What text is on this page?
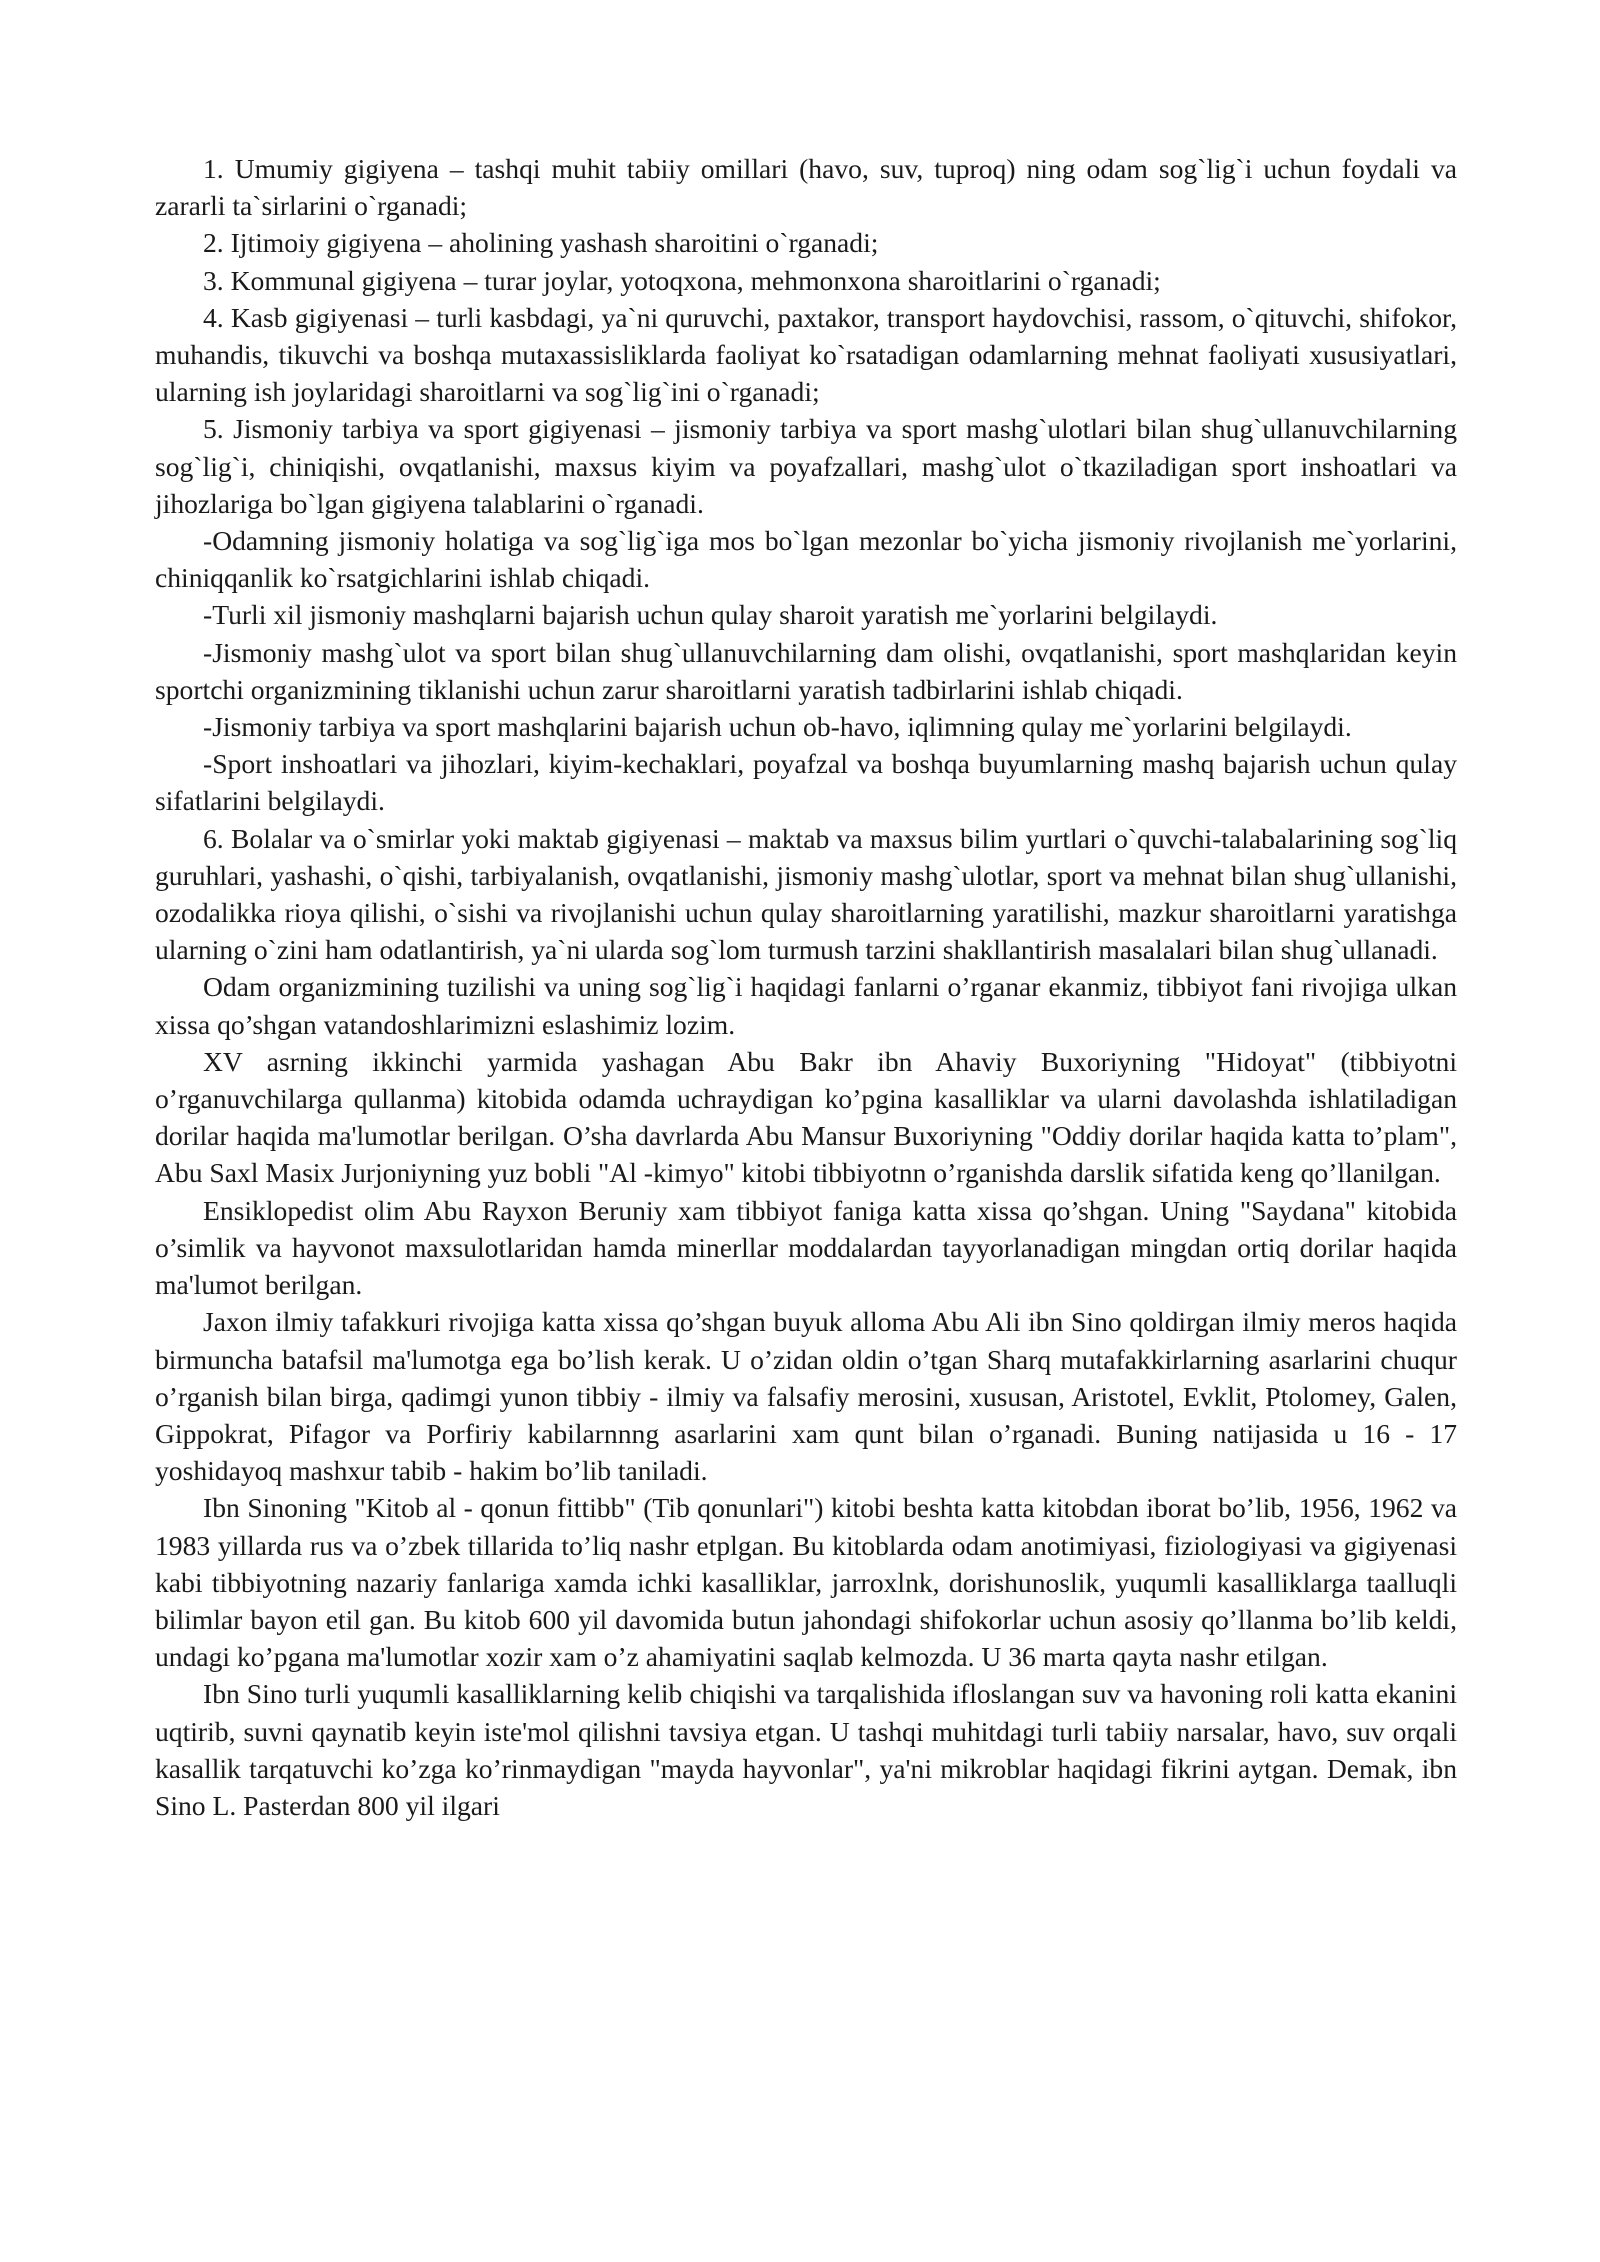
1. Umumiy gigiyena – tashqi muhit tabiiy omillari (havo, suv, tuproq) ning odam sog`lig`i uchun foydali va zararli ta`sirlarini o`rganadi;

2. Ijtimoiy gigiyena – aholining yashash sharoitini o`rganadi;

3. Kommunal gigiyena – turar joylar, yotoqxona, mehmonxona sharoitlarini o`rganadi;

4. Kasb gigiyenasi – turli kasbdagi, ya`ni quruvchi, paxtakor, transport haydovchisi, rassom, o`qituvchi, shifokor, muhandis, tikuvchi va boshqa mutaxassisliklarda faoliyat ko`rsatadigan odamlarning mehnat faoliyati xususiyatlari, ularning ish joylaridagi sharoitlarni va sog`lig`ini o`rganadi;

5. Jismoniy tarbiya va sport gigiyenasi – jismoniy tarbiya va sport mashg`ulotlari bilan shug`ullanuvchilarning sog`lig`i, chiniqishi, ovqatlanishi, maxsus kiyim va poyafzallari, mashg`ulot o`tkaziladigan sport inshoatlari va jihozlariga bo`lgan gigiyena talablarini o`rganadi.

-Odamning jismoniy holatiga va sog`lig`iga mos bo`lgan mezonlar bo`yicha jismoniy rivojlanish me`yorlarini, chiniqqanlik ko`rsatgichlarini ishlab chiqadi.

-Turli xil jismoniy mashqlarni bajarish uchun qulay sharoit yaratish me`yorlarini belgilaydi.

-Jismoniy mashg`ulot va sport bilan shug`ullanuvchilarning dam olishi, ovqatlanishi, sport mashqlaridan keyin sportchi organizmining tiklanishi uchun zarur sharoitlarni yaratish tadbirlarini ishlab chiqadi.

-Jismoniy tarbiya va sport mashqlarini bajarish uchun ob-havo, iqlimning qulay me`yorlarini belgilaydi.

-Sport inshoatlari va jihozlari, kiyim-kechaklari, poyafzal va boshqa buyumlarning mashq bajarish uchun qulay sifatlarini belgilaydi.

6. Bolalar va o`smirlar yoki maktab gigiyenasi – maktab va maxsus bilim yurtlari o`quvchi-talabalarining sog`liq guruhlari, yashashi, o`qishi, tarbiyalanish, ovqatlanishi, jismoniy mashg`ulotlar, sport va mehnat bilan shug`ullanishi, ozodalikka rioya qilishi, o`sishi va rivojlanishi uchun qulay sharoitlarning yaratilishi, mazkur sharoitlarni yaratishga ularning o`zini ham odatlantirish, ya`ni ularda sog`lom turmush tarzini shakllantirish masalalari bilan shug`ullanadi.

Odam organizmining tuzilishi va uning sog`lig`i haqidagi fanlarni o’rganar ekanmiz, tibbiyot fani rivojiga ulkan xissa qo’shgan vatandoshlarimizni eslashimiz lozim.

XV asrning ikkinchi yarmida yashagan Abu Bakr ibn Ahaviy Buxoriyning "Hidoyat" (tibbiyotni o’rganuvchilarga qullanma) kitobida odamda uchraydigan ko’pgina kasalliklar va ularni davolashda ishlatiladigan dorilar haqida ma'lumotlar berilgan. O’sha davrlarda Abu Mansur Buxoriyning "Oddiy dorilar haqida katta to’plam", Abu Saxl Masix Jurjoniyning yuz bobli "Al -kimyo" kitobi tibbiyotnn o’rganishda darslik sifatida keng qo’llanilgan.

Ensiklopedist olim Abu Rayxon Beruniy xam tibbiyot faniga katta xissa qo’shgan. Uning "Saydana" kitobida o’simlik va hayvonot maxsulotlaridan hamda minerllar moddalardan tayyorlanadigan mingdan ortiq dorilar haqida ma'lumot berilgan.

Jaxon ilmiy tafakkuri rivojiga katta xissa qo’shgan buyuk alloma Abu Ali ibn Sino qoldirgan ilmiy meros haqida birmuncha batafsil ma'lumotga ega bo’lish kerak. U o’zidan oldin o’tgan Sharq mutafakkirlarning asarlarini chuqur o’rganish bilan birga, qadimgi yunon tibbiy - ilmiy va falsafiy merosini, xususan, Aristotel, Evklit, Ptolomey, Galen, Gippokrat, Pifagor va Porfiriy kabilarnnng asarlarini xam qunt bilan o’rganadi. Buning natijasida u 16 - 17 yoshidayoq mashxur tabib - hakim bo’lib taniladi.

Ibn Sinoning "Kitob al - qonun fittibb" (Tib qonunlari") kitobi beshta katta kitobdan iborat bo’lib, 1956, 1962 va 1983 yillarda rus va o’zbek tillarida to’liq nashr etplgan. Bu kitoblarda odam anotimiyasi, fiziologiyasi va gigiyenasi kabi tibbiyotning nazariy fanlariga xamda ichki kasalliklar, jarroxlnk, dorishunoslik, yuqumli kasalliklarga taalluqli bilimlar bayon etil gan. Bu kitob 600 yil davomida butun jahondagi shifokorlar uchun asosiy qo’llanma bo’lib keldi, undagi ko’pgana ma'lumotlar xozir xam o’z ahamiyatini saqlab kelmozda. U 36 marta qayta nashr etilgan.

Ibn Sino turli yuqumli kasalliklarning kelib chiqishi va tarqalishida ifloslangan suv va havoning roli katta ekanini uqtirib, suvni qaynatib keyin iste'mol qilishni tavsiya etgan. U tashqi muhitdagi turli tabiiy narsalar, havo, suv orqali kasallik tarqatuvchi ko’zga ko’rinmaydigan "mayda hayvonlar", ya'ni mikroblar haqidagi fikrini aytgan. Demak, ibn Sino L. Pasterdan 800 yil ilgari
